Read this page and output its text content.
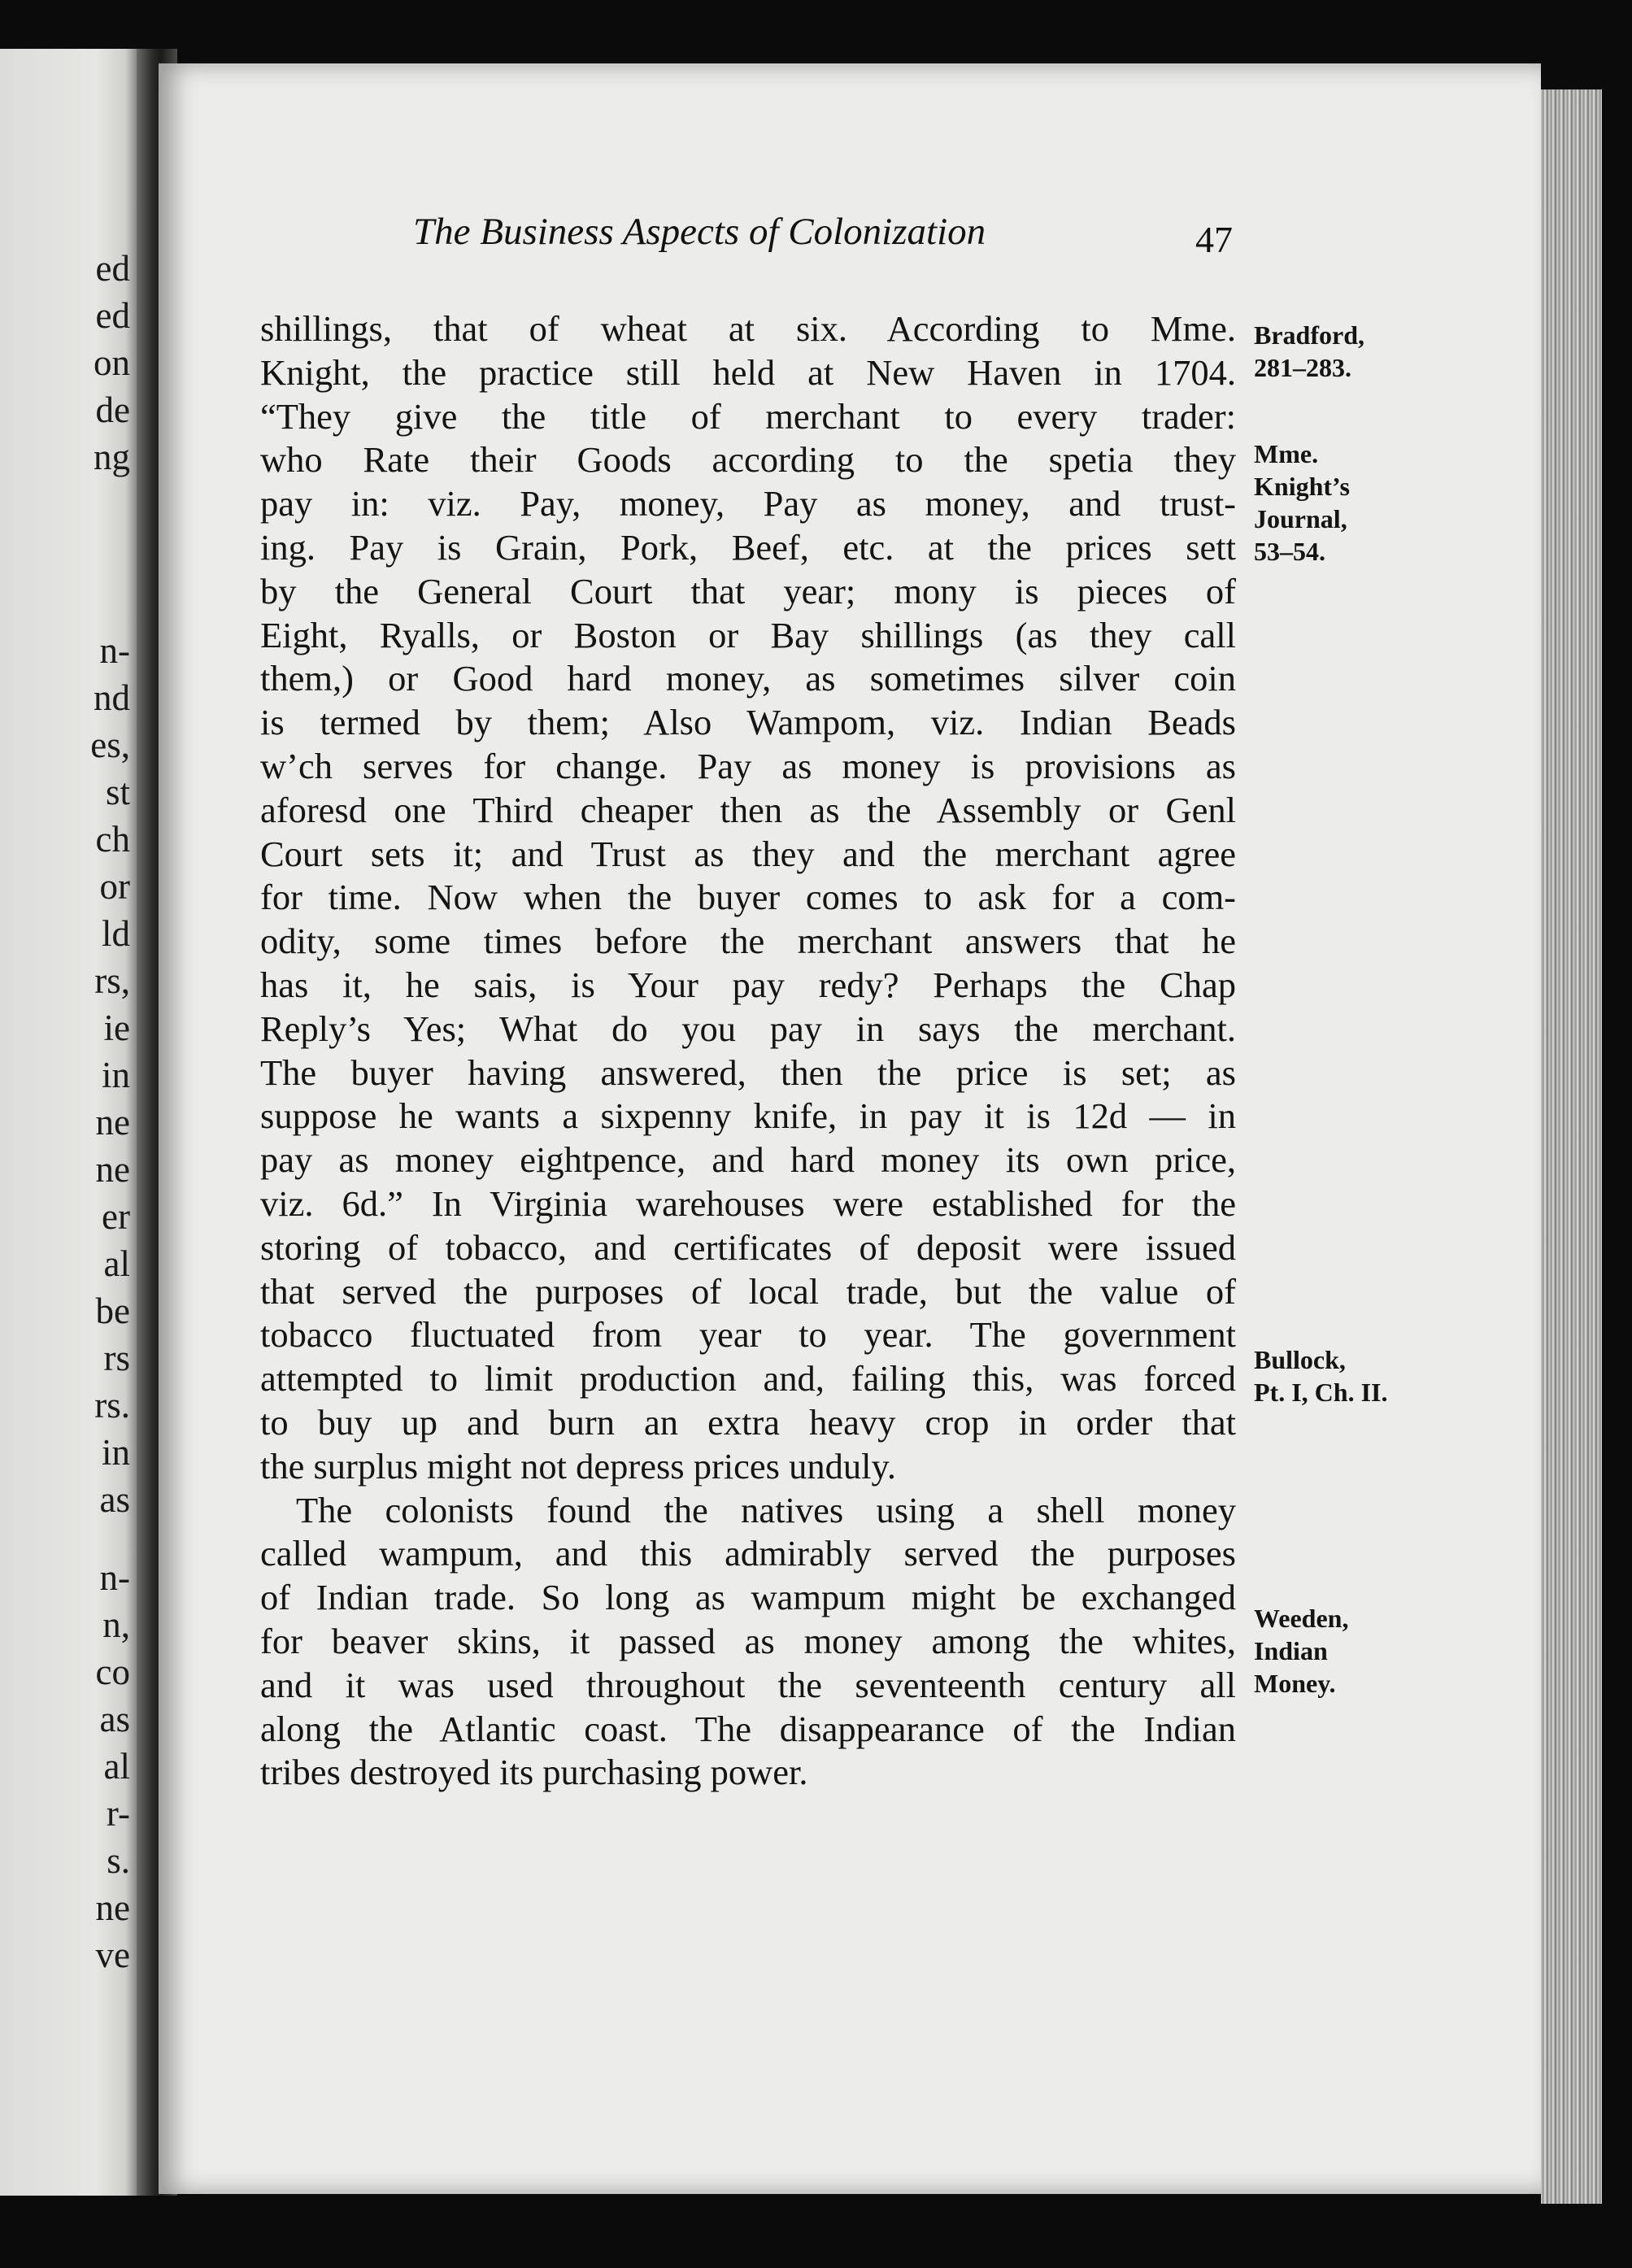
ed
ed
on
de
ng
n-
nd
es,
st
ch
or
ld
rs,
ie
in
ne
ne
er
al
be
rs
rs.
in
as
n-
n,
co
as
al
r-
s.
ne
ve
The Business Aspects of Colonization	47
shillings, that of wheat at six. According to Mme.
Knight, the practice still held at New Haven in 1704.
“They give the title of merchant to every trader:
who Rate their Goods according to the spetia they
pay in: viz. Pay, money, Pay as money, and trust-
ing. Pay is Grain, Pork, Beef, etc. at the prices sett
by the General Court that year; mony is pieces of
Eight, Ryalls, or Boston or Bay shillings (as they call
them,) or Good hard money, as sometimes silver coin
is termed by them; Also Wampom, viz. Indian Beads
w’ch serves for change. Pay as money is provisions as
aforesd one Third cheaper then as the Assembly or Genl
Court sets it; and Trust as they and the merchant agree
for time. Now when the buyer comes to ask for a com-
odity, some times before the merchant answers that he
has it, he sais, is Your pay redy? Perhaps the Chap
Reply’s Yes; What do you pay in says the merchant.
The buyer having answered, then the price is set; as
suppose he wants a sixpenny knife, in pay it is 12d — in
pay as money eightpence, and hard money its own price,
viz. 6d.” In Virginia warehouses were established for the
storing of tobacco, and certificates of deposit were issued
that served the purposes of local trade, but the value of
tobacco fluctuated from year to year. The government
attempted to limit production and, failing this, was forced
to buy up and burn an extra heavy crop in order that
the surplus might not depress prices unduly.
The colonists found the natives using a shell money
called wampum, and this admirably served the purposes
of Indian trade. So long as wampum might be exchanged
for beaver skins, it passed as money among the whites,
and it was used throughout the seventeenth century all
along the Atlantic coast. The disappearance of the Indian
tribes destroyed its purchasing power.
Bradford,
281–283.
Mme.
Knight’s
Journal,
53–54.
Bullock,
Pt. I, Ch. II.
Weeden,
Indian
Money.
